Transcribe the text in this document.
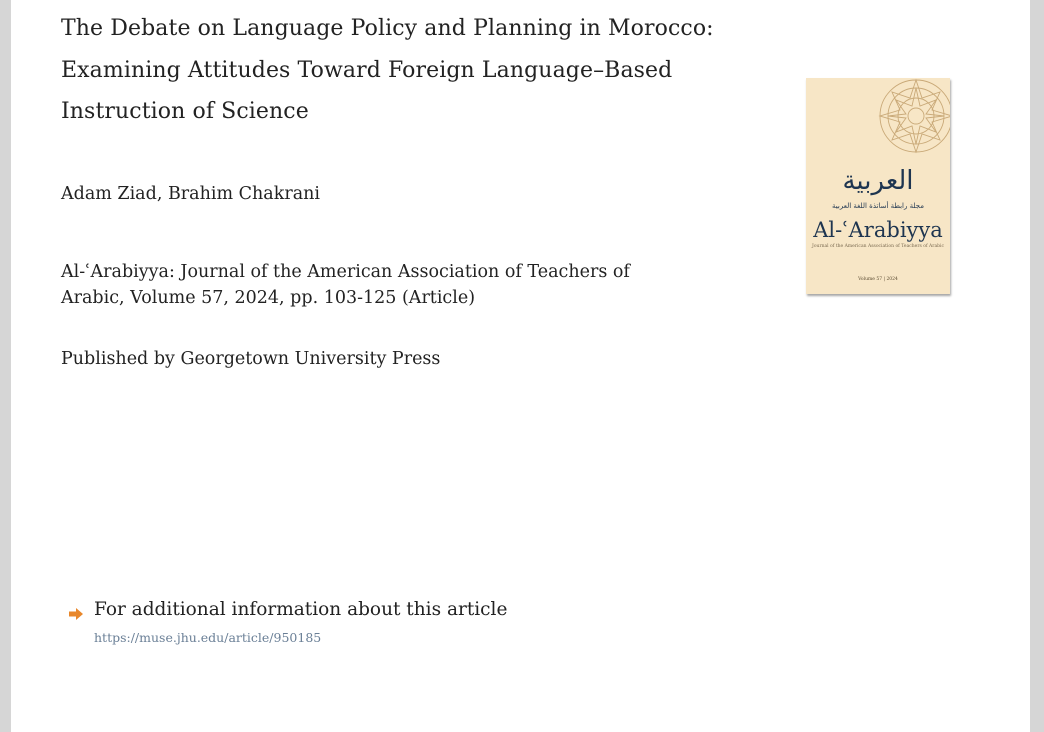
The Debate on Language Policy and Planning in Morocco:
Examining Attitudes Toward Foreign Language–Based
Instruction of Science
Adam Ziad, Brahim Chakrani
Al-ʿArabiyya: Journal of the American Association of Teachers of
Arabic, Volume 57, 2024, pp. 103-125 (Article)
Published by Georgetown University Press
For additional information about this article
https://muse.jhu.edu/article/950185
العربية
مجلة رابطة أساتذة اللغة العربية
Al-ʿArabiyya
Journal of the American Association of Teachers of Arabic
Volume 57 | 2024
